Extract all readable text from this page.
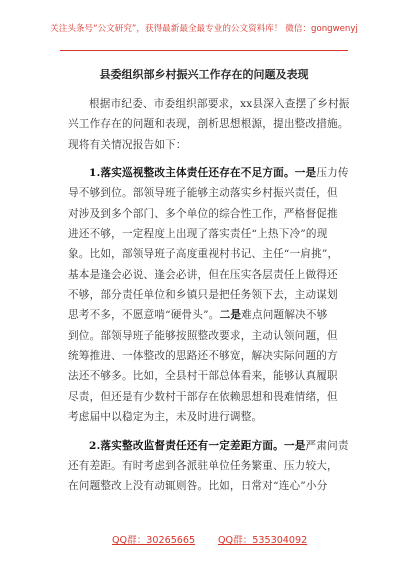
关注头条号“公文研究”，获得最新最全最专业的公文资料库！ 微信：gongwenyj
县委组织部乡村振兴工作存在的问题及表现
根据市纪委、市委组织部要求，xx县深入查摆了乡村振
兴工作存在的问题和表现，剖析思想根源，提出整改措施。
现将有关情况报告如下：
1.落实巡视整改主体责任还存在不足方面。一是压力传
导不够到位。部领导班子能够主动落实乡村振兴责任，但
对涉及到多个部门、多个单位的综合性工作，严格督促推
进还不够，一定程度上出现了落实责任“上热下冷”的现
象。比如，部领导班子高度重视村书记、主任“一肩挑”，
基本是逢会必说、逢会必讲，但在压实各层责任上做得还
不够，部分责任单位和乡镇只是把任务领下去，主动谋划
思考不多，不愿意啃“硬骨头”。二是难点问题解决不够
到位。部领导班子能够按照整改要求，主动认领问题，但
统筹推进、一体整改的思路还不够宽，解决实际问题的方
法还不够多。比如，全县村干部总体看来，能够认真履职
尽责，但还是有少数村干部存在依赖思想和畏难情绪，但
考虑届中以稳定为主，未及时进行调整。
2.落实整改监督责任还有一定差距方面。一是严肃问责
还有差距。有时考虑到各派驻单位任务繁重、压力较大，
在问题整改上没有动辄则咎。比如，日常对“连心”小分
QQ群：30265665 QQ群：535304092
